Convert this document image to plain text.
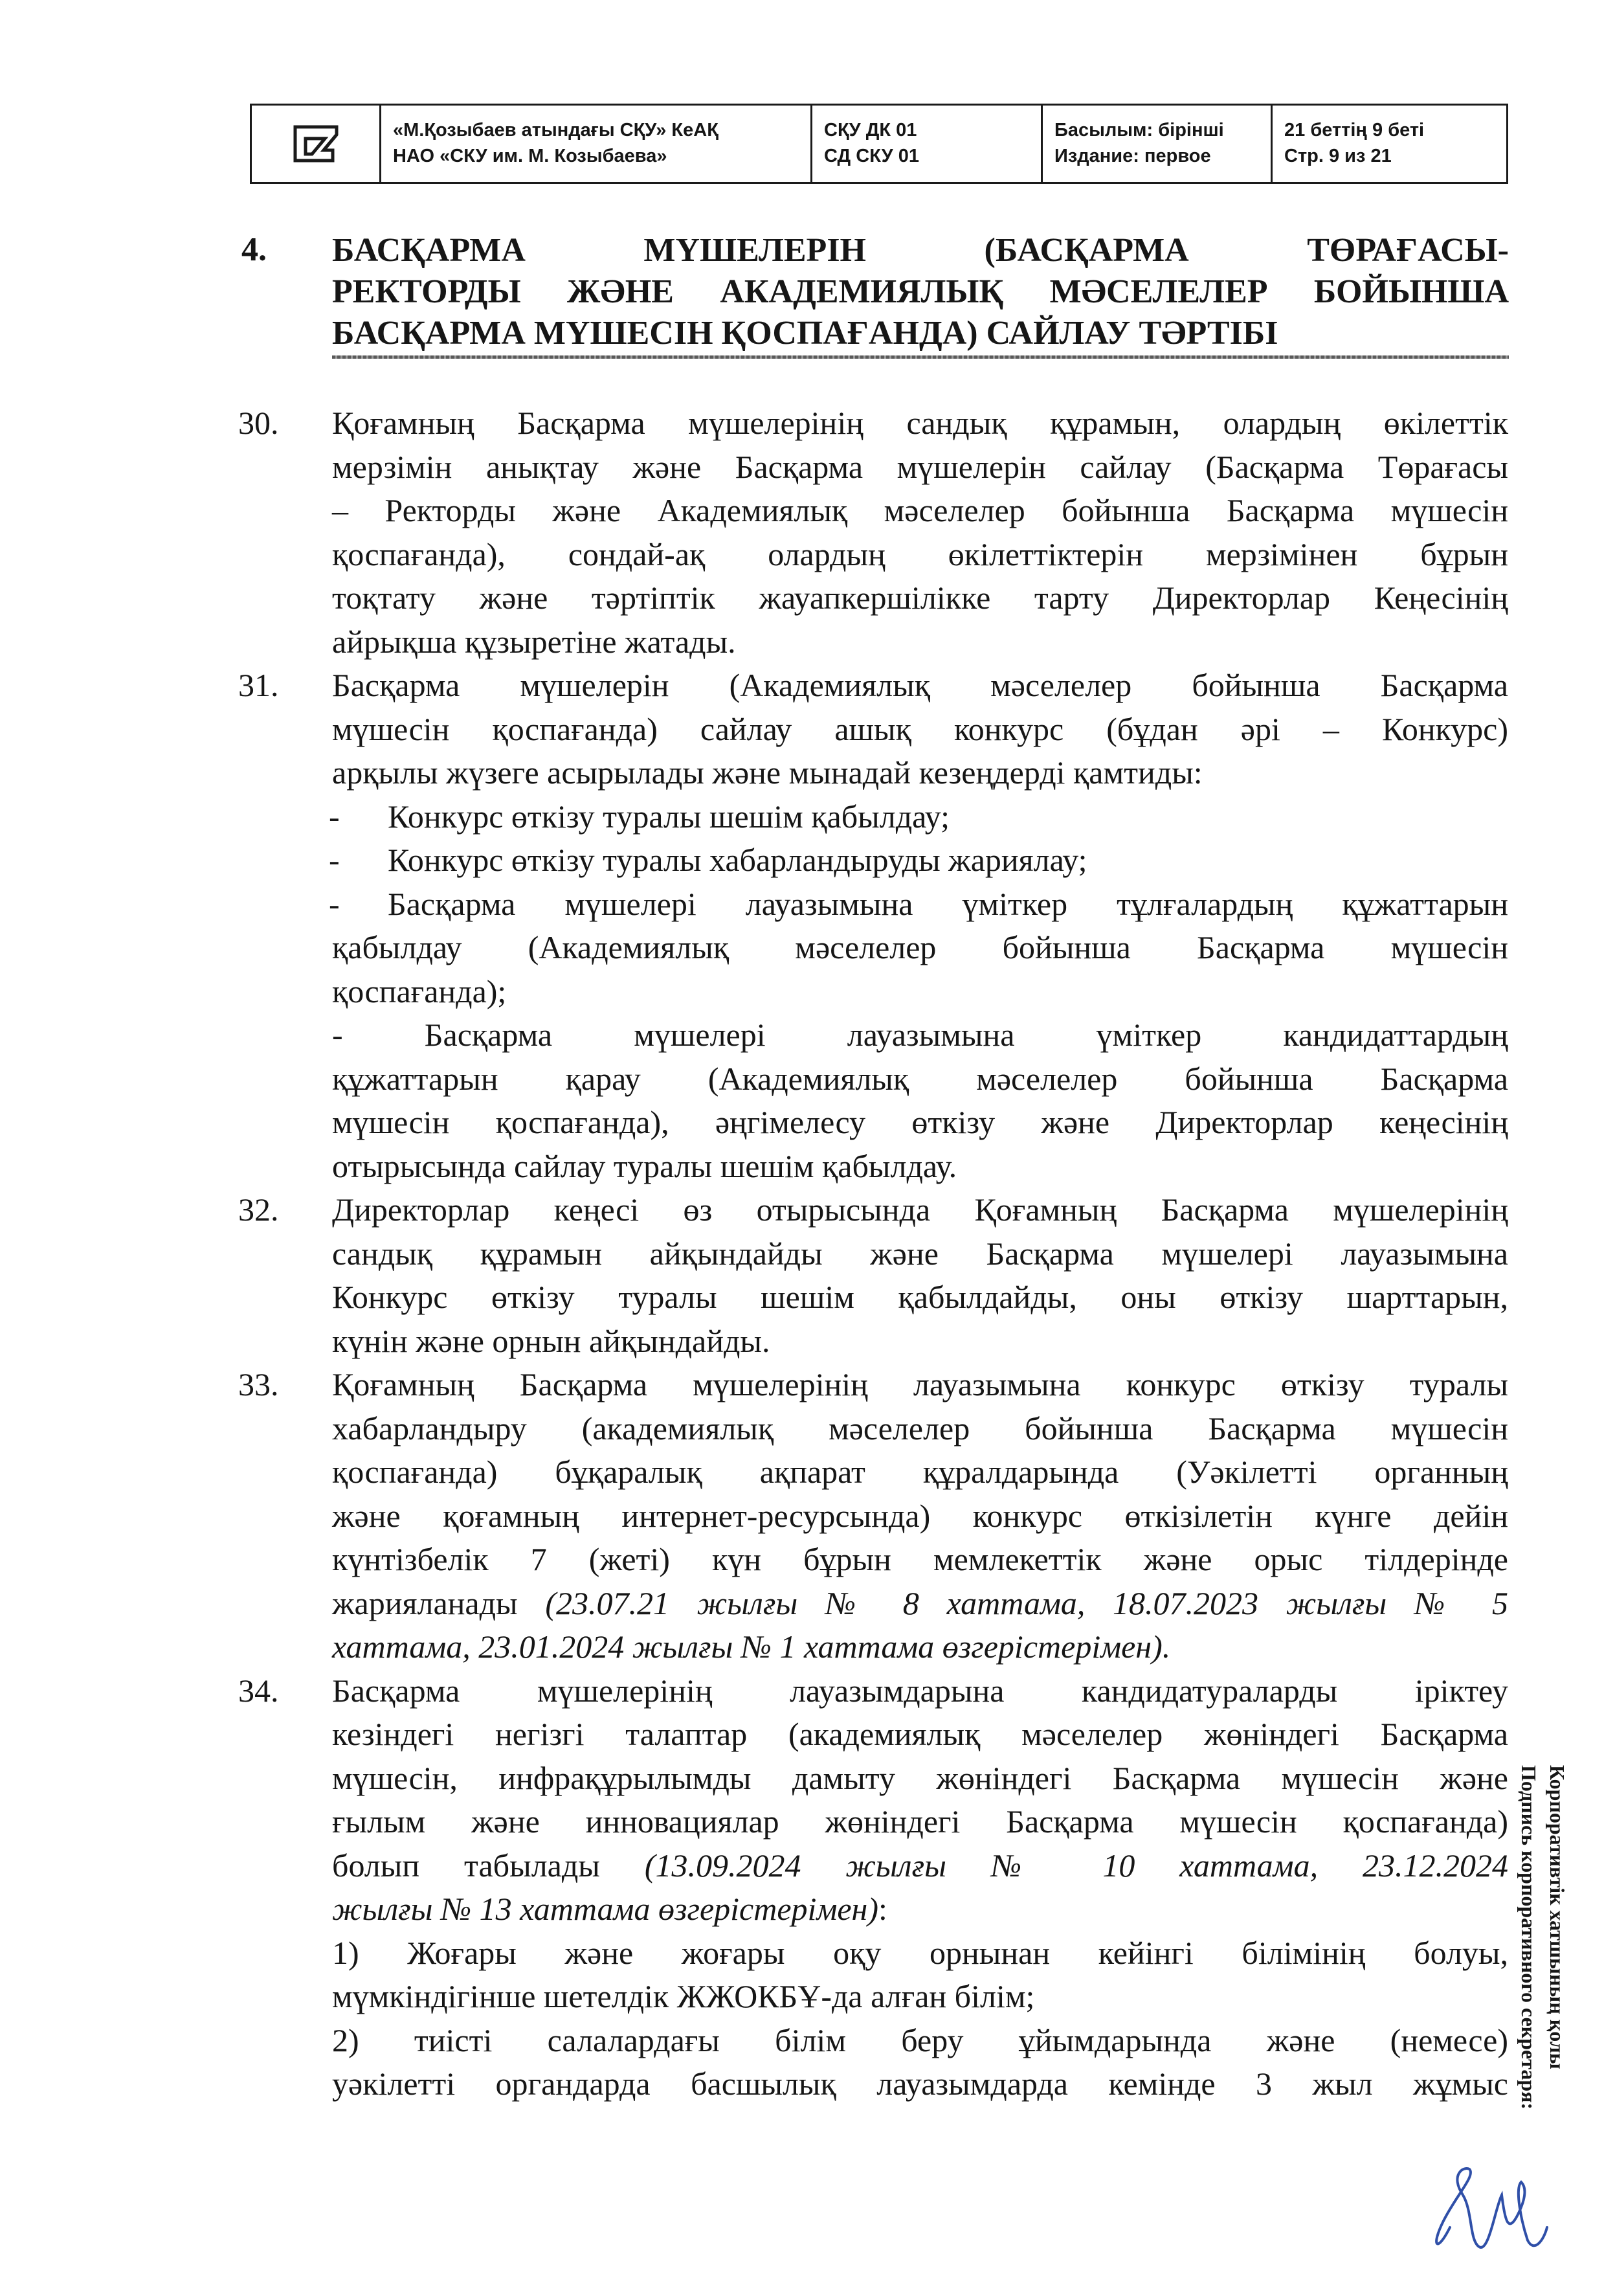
«М.Қозыбаев атындағы СҚУ» КеАҚ
НАО «СКУ им. М. Козыбаева»
СҚУ ДК 01
СД СКУ 01
Басылым: бірінші
Издание: первое
21 беттің 9 беті
Стр. 9 из 21
4. БАСҚАРМА МҮШЕЛЕРІН (БАСҚАРМА ТӨРАҒАСЫ-
РЕКТОРДЫ ЖӘНЕ АКАДЕМИЯЛЫҚ МӘСЕЛЕЛЕР БОЙЫНША
БАСҚАРМА МҮШЕСІН ҚОСПАҒАНДА) САЙЛАУ ТӘРТІБІ
30.	Қоғамның Басқарма мүшелерінің сандық құрамын, олардың өкілеттік
мерзімін анықтау және Басқарма мүшелерін сайлау (Басқарма Төрағасы
– Ректорды және Академиялық мәселелер бойынша Басқарма мүшесін
қоспағанда), сондай-ақ олардың өкілеттіктерін мерзімінен бұрын
тоқтату және тәртіптік жауапкершілікке тарту Директорлар Кеңесінің
айрықша құзыретіне жатады.
31.	Басқарма мүшелерін (Академиялық мәселелер бойынша Басқарма
мүшесін қоспағанда) сайлау ашық конкурс (бұдан әрі – Конкурс)
арқылы жүзеге асырылады және мынадай кезеңдерді қамтиды:
- Конкурс өткізу туралы шешім қабылдау;
- Конкурс өткізу туралы хабарландыруды жариялау;
- Басқарма мүшелері лауазымына үміткер тұлғалардың құжаттарын
қабылдау (Академиялық мәселелер бойынша Басқарма мүшесін
қоспағанда);
-	Басқарма мүшелері лауазымына үміткер кандидаттардың
құжаттарын қарау (Академиялық мәселелер бойынша Басқарма
мүшесін қоспағанда), әңгімелесу өткізу және Директорлар кеңесінің
отырысында сайлау туралы шешім қабылдау.
32.	Директорлар кеңесі өз отырысында Қоғамның Басқарма мүшелерінің
сандық құрамын айқындайды және Басқарма мүшелері лауазымына
Конкурс өткізу туралы шешім қабылдайды, оны өткізу шарттарын,
күнін және орнын айқындайды.
33.	Қоғамның Басқарма мүшелерінің лауазымына конкурс өткізу туралы
хабарландыру (академиялық мәселелер бойынша Басқарма мүшесін
қоспағанда) бұқаралық ақпарат құралдарында (Уәкілетті органның
және қоғамның интернет-ресурсында) конкурс өткізілетін күнге дейін
күнтізбелік 7 (жеті) күн бұрын мемлекеттік және орыс тілдерінде
жарияланады (23.07.21 жылғы № 8 хаттама, 18.07.2023 жылғы № 5
хаттама, 23.01.2024 жылғы № 1 хаттама өзгерістерімен).
34.	Басқарма мүшелерінің лауазымдарына кандидатураларды іріктеу
кезіндегі негізгі талаптар (академиялық мәселелер жөніндегі Басқарма
мүшесін, инфрақұрылымды дамыту жөніндегі Басқарма мүшесін және
ғылым және инновациялар жөніндегі Басқарма мүшесін қоспағанда)
болып табылады (13.09.2024 жылғы № 10 хаттама, 23.12.2024
жылғы № 13 хаттама өзгерістерімен):
1) Жоғары және жоғары оқу орнынан кейінгі білімінің болуы,
мүмкіндігінше шетелдік ЖЖОКБҰ-да алған білім;
2) тиісті салалардағы білім беру ұйымдарында және (немесе)
уәкілетті органдарда басшылық лауазымдарда кемінде 3 жыл жұмыс
Корпоративтік хатшының қолы
Подпись корпоративного секретаря:
